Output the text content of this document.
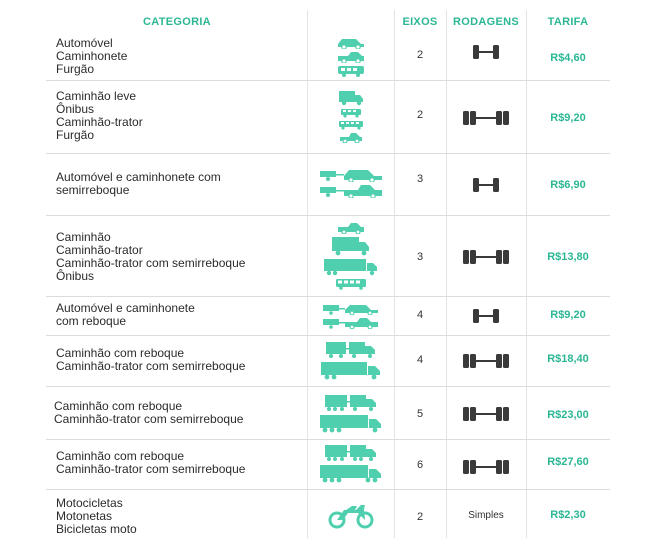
CATEGORIA	EIXOS	RODAGENS	TARIFA
Automóvel
Caminhonete
Furgão
2	R$4,60
Caminhão leve
Ônibus
Caminhão-trator
Furgão
2	R$9,20
Automóvel e caminhonete com
semirreboque
3	R$6,90
Caminhão
Caminhão-trator
Caminhão-trator com semirreboque
Ônibus
3	R$13,80
Automóvel e caminhonete
com reboque	4	R$9,20
Caminhão com reboque
Caminhão-trator com semirreboque	4	R$18,40
Caminhão com reboque
Caminhão-trator com semirreboque	5	R$23,00
Caminhão com reboque
Caminhão-trator com semirreboque	6	R$27,60
Motocicletas
Motonetas
Bicicletas moto
2	Simples	R$2,30
